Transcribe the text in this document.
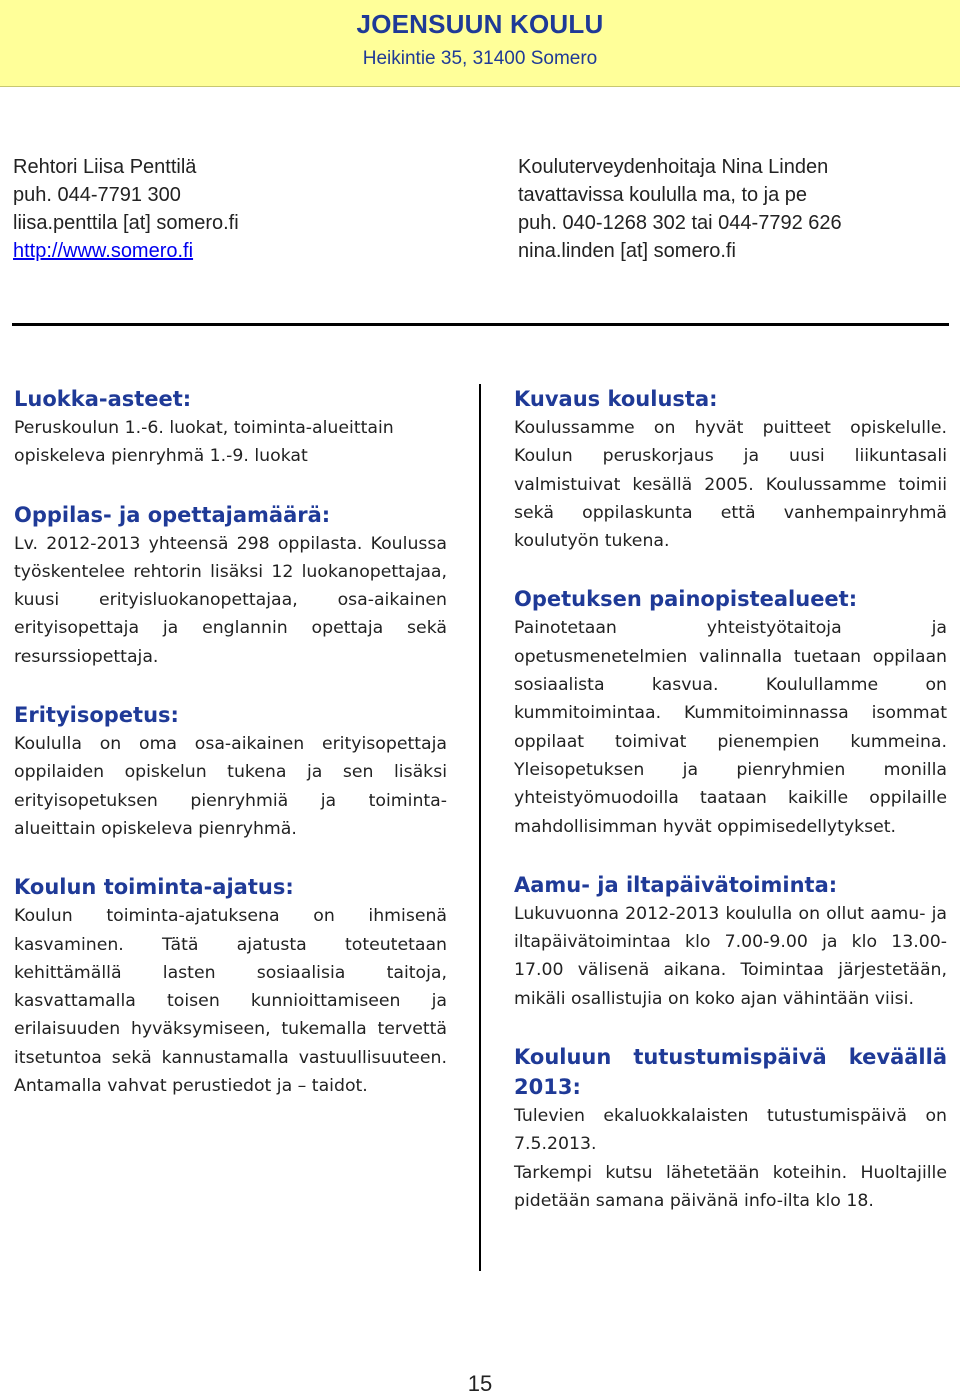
JOENSUUN KOULU
Heikintie 35, 31400 Somero
Rehtori Liisa Penttilä
puh. 044-7791 300
liisa.penttila [at] somero.fi
http://www.somero.fi
Kouluterveydenhoitaja Nina Linden
tavattavissa koululla ma, to ja pe
puh. 040-1268 302 tai 044-7792 626
nina.linden [at] somero.fi
Luokka-asteet:

Peruskoulun 1.-6. luokat, toiminta-alueittain opiskeleva pienryhmä 1.-9. luokat

Oppilas- ja opettajamäärä:

Lv. 2012-2013 yhteensä 298 oppilasta. Koulussa työskentelee rehtorin lisäksi 12 luokanopettajaa, kuusi erityisluokanopettajaa, osa-aikainen erityisopettaja ja englannin opettaja sekä resurssiopettaja.

Erityisopetus:

Koululla on oma osa-aikainen erityisopettaja oppilaiden opiskelun tukena ja sen lisäksi erityisopetuksen pienryhmiä ja toiminta-alueittain opiskeleva pienryhmä.

Koulun toiminta-ajatus:

Koulun toiminta-ajatuksena on ihmisenä kasvaminen. Tätä ajatusta toteutetaan kehittämällä lasten sosiaalisia taitoja, kasvattamalla toisen kunnioittamiseen ja erilaisuuden hyväksymiseen, tukemalla tervettä itsetuntoa sekä kannustamalla vastuullisuuteen. Antamalla vahvat perustiedot ja – taidot.

Kuvaus koulusta:

Koulussamme on hyvät puitteet opiskelulle. Koulun peruskorjaus ja uusi liikuntasali valmistuivat kesällä 2005. Koulussamme toimii sekä oppilaskunta että vanhempainryhmä koulutyön tukena.

Opetuksen painopistealueet:

Painotetaan yhteistyötaitoja ja opetusmenetelmien valinnalla tuetaan oppilaan sosiaalista kasvua. Koulullamme on kummitoimintaa. Kummitoiminnassa isommat oppilaat toimivat pienempien kummeina. Yleisopetuksen ja pienryhmien monilla yhteistyömuodoilla taataan kaikille oppilaille mahdollisimman hyvät oppimisedellytykset.

Aamu- ja iltapäivätoiminta:

Lukuvuonna 2012-2013 koululla on ollut aamu- ja iltapäivätoimintaa klo 7.00-9.00 ja klo 13.00-17.00 välisenä aikana. Toimintaa järjestetään, mikäli osallistujia on koko ajan vähintään viisi.

Kouluun tutustumispäivä keväällä 2013:

Tulevien ekaluokkalaisten tutustumispäivä on 7.5.2013.

Tarkempi kutsu lähetetään koteihin. Huoltajille pidetään samana päivänä info-ilta klo 18.

15
